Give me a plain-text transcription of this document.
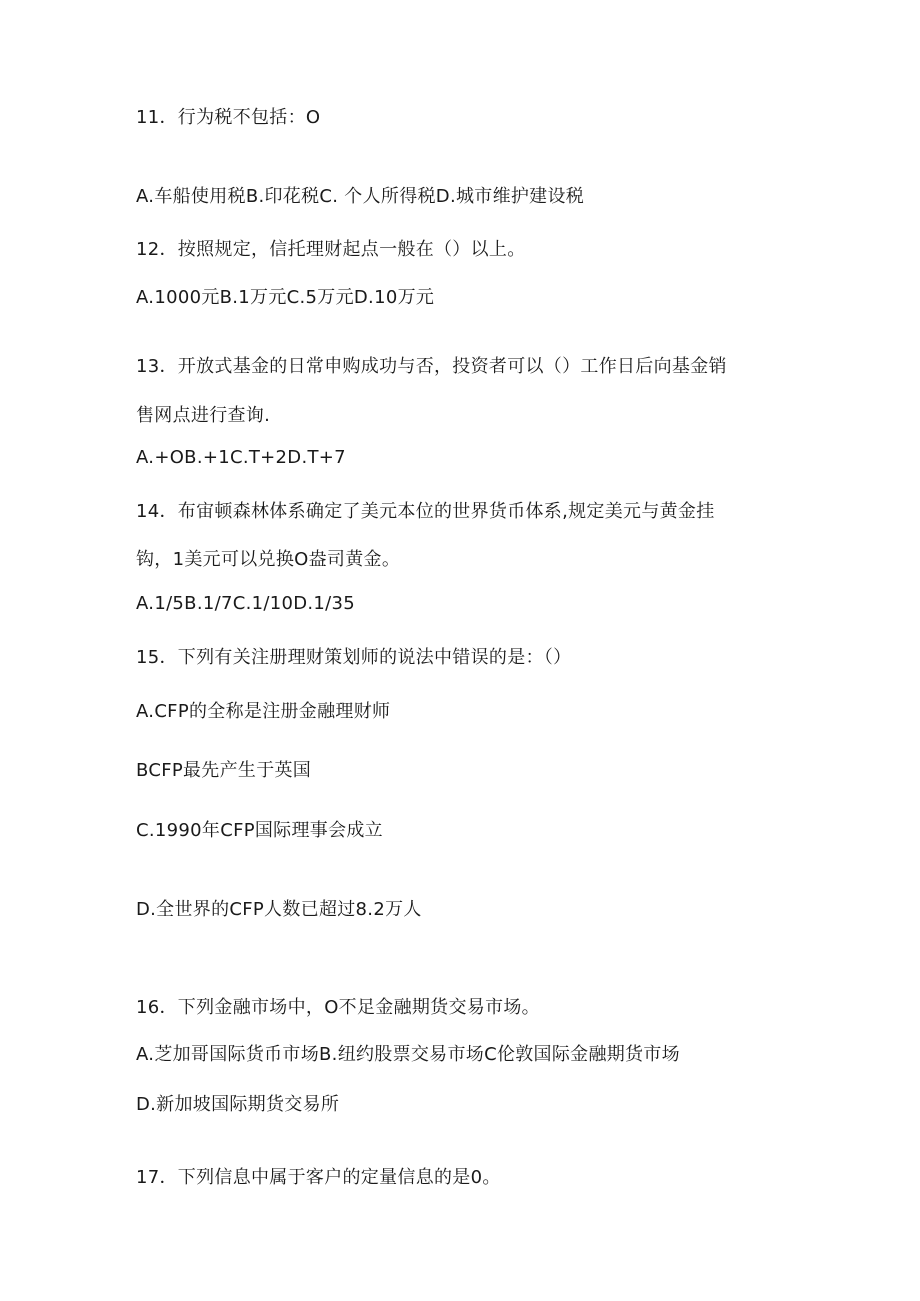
11．行为税不包括：O
A.车船使用税B.印花税C. 个人所得税D.城市维护建设税
12．按照规定，信托理财起点一般在（）以上。
A.1000元B.1万元C.5万元D.10万元
13．开放式基金的日常申购成功与否，投资者可以（）工作日后向基金销
售网点进行查询.
A.+OB.+1C.T+2D.T+7
14．布宙顿森林体系确定了美元本位的世界货币体系,规定美元与黄金挂
钩，1美元可以兑换O盎司黄金。
A.1/5B.1/7C.1/10D.1/35
15．下列有关注册理财策划师的说法中错误的是：（）
A.CFP的全称是注册金融理财师
BCFP最先产生于英国
C.1990年CFP国际理事会成立
D.全世界的CFP人数已超过8.2万人
16．下列金融市场中，O不足金融期货交易市场。
A.芝加哥国际货币市场B.纽约股票交易市场C伦敦国际金融期货市场
D.新加坡国际期货交易所
17．下列信息中属于客户的定量信息的是0。
